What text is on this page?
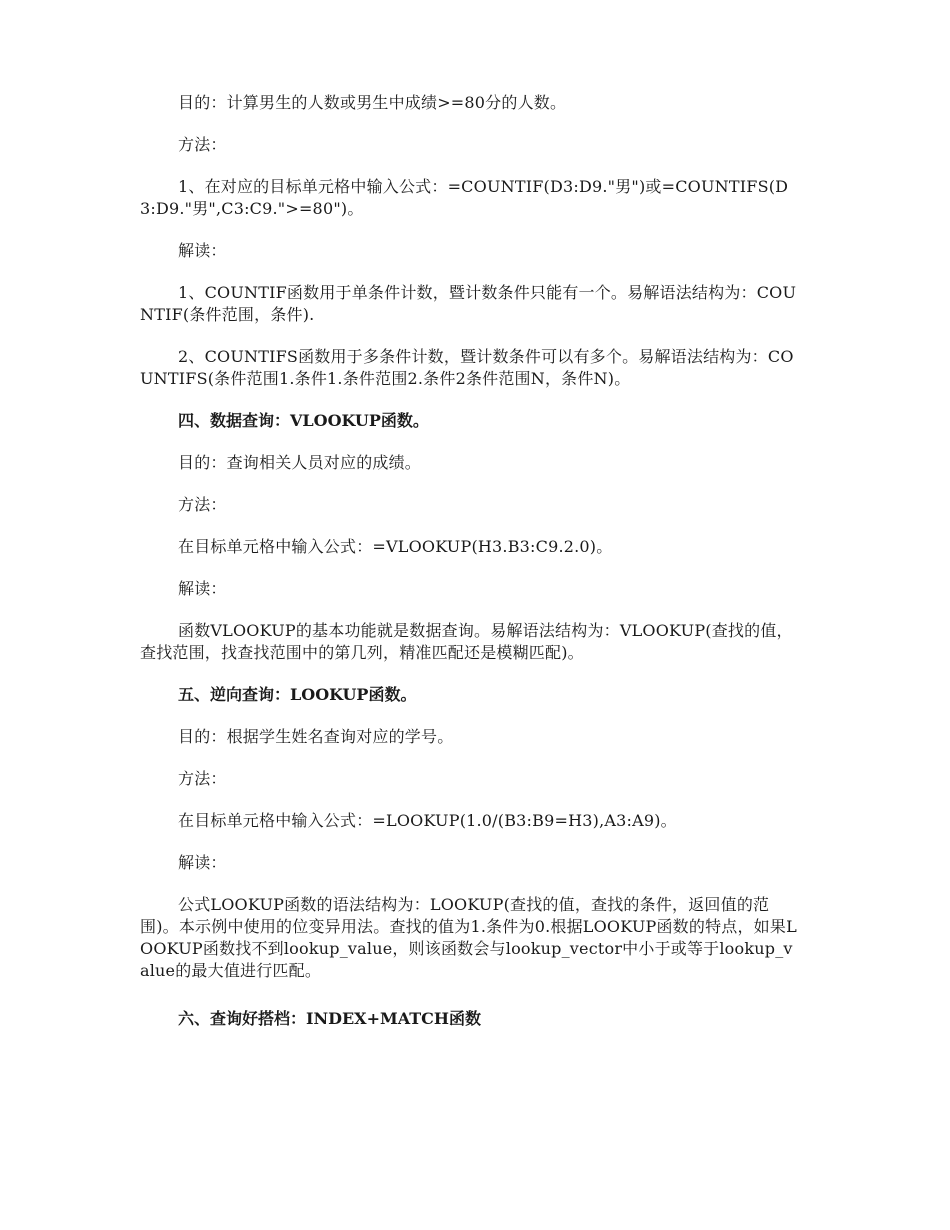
目的：计算男生的人数或男生中成绩>=80分的人数。

方法：

1、在对应的目标单元格中输入公式：=COUNTIF(D3:D9."男")或=COUNTIFS(D3:D9."男",C3:C9.">=80")。

解读：

1、COUNTIF函数用于单条件计数，暨计数条件只能有一个。易解语法结构为：COUNTIF(条件范围，条件).

2、COUNTIFS函数用于多条件计数，暨计数条件可以有多个。易解语法结构为：COUNTIFS(条件范围1.条件1.条件范围2.条件2条件范围N，条件N)。

四、数据查询：VLOOKUP函数。

目的：查询相关人员对应的成绩。

方法：

在目标单元格中输入公式：=VLOOKUP(H3.B3:C9.2.0)。

解读：

函数VLOOKUP的基本功能就是数据查询。易解语法结构为：VLOOKUP(查找的值，查找范围，找查找范围中的第几列，精准匹配还是模糊匹配)。

五、逆向查询：LOOKUP函数。

目的：根据学生姓名查询对应的学号。

方法：

在目标单元格中输入公式：=LOOKUP(1.0/(B3:B9=H3),A3:A9)。

解读：

公式LOOKUP函数的语法结构为：LOOKUP(查找的值，查找的条件，返回值的范围)。本示例中使用的位变异用法。查找的值为1.条件为0.根据LOOKUP函数的特点，如果LOOKUP函数找不到lookup_value，则该函数会与lookup_vector中小于或等于lookup_value的最大值进行匹配。

六、查询好搭档：INDEX+MATCH函数
